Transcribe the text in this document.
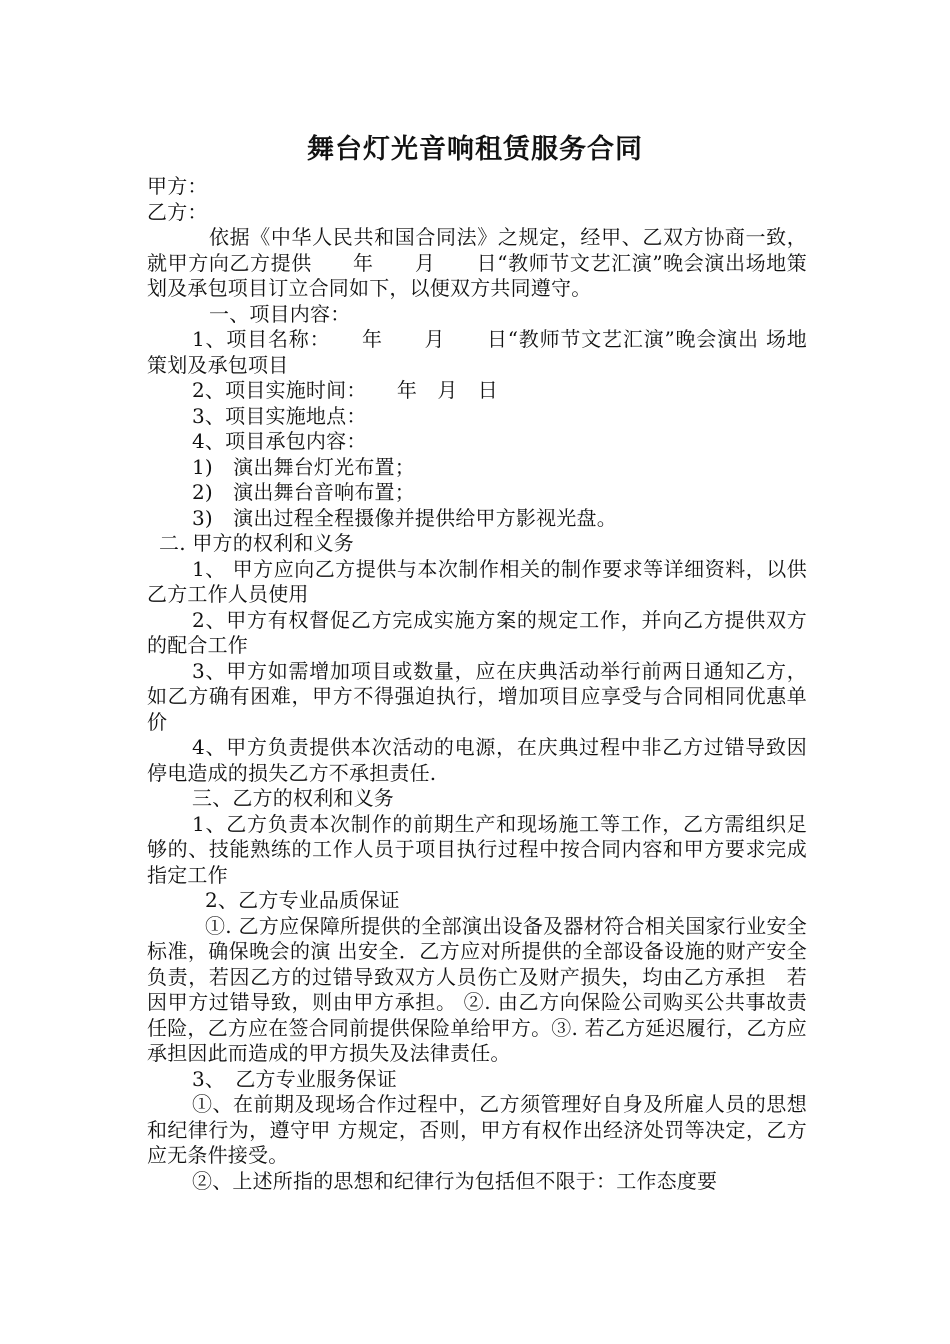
舞台灯光音响租赁服务合同

甲方：

乙方：

依据《中华人民共和国合同法》之规定，经甲、乙双方协商一致，就甲方向乙方提供　　年　　月　　日“教师节文艺汇演”晚会演出场地策划及承包项目订立合同如下，以便双方共同遵守。

一、项目内容：

1、项目名称：　　年　　月　　日“教师节文艺汇演”晚会演出 场地策划及承包项目

2、项目实施时间：　　年　月　日

3、项目实施地点：

4、项目承包内容：

1)　演出舞台灯光布置；

2)　演出舞台音响布置；

3)　演出过程全程摄像并提供给甲方影视光盘。

二. 甲方的权利和义务

1、 甲方应向乙方提供与本次制作相关的制作要求等详细资料，以供乙方工作人员使用

2、甲方有权督促乙方完成实施方案的规定工作，并向乙方提供双方的配合工作

3、甲方如需增加项目或数量，应在庆典活动举行前两日通知乙方，如乙方确有困难，甲方不得强迫执行，增加项目应享受与合同相同优惠单价

4、甲方负责提供本次活动的电源，在庆典过程中非乙方过错导致因停电造成的损失乙方不承担责任.

三、乙方的权利和义务

1、乙方负责本次制作的前期生产和现场施工等工作，乙方需组织足够的、技能熟练的工作人员于项目执行过程中按合同内容和甲方要求完成指定工作

2、乙方专业品质保证

①. 乙方应保障所提供的全部演出设备及器材符合相关国家行业安全标准，确保晚会的演 出安全．乙方应对所提供的全部设备设施的财产安全负责，若因乙方的过错导致双方人员伤亡及财产损失，均由乙方承担　若因甲方过错导致，则由甲方承担。 ②. 由乙方向保险公司购买公共事故责任险，乙方应在签合同前提供保险单给甲方。③. 若乙方延迟履行，乙方应承担因此而造成的甲方损失及法律责任。

3、　乙方专业服务保证

①、在前期及现场合作过程中，乙方须管理好自身及所雇人员的思想和纪律行为，遵守甲 方规定，否则，甲方有权作出经济处罚等决定，乙方应无条件接受。

②、上述所指的思想和纪律行为包括但不限于：工作态度要
